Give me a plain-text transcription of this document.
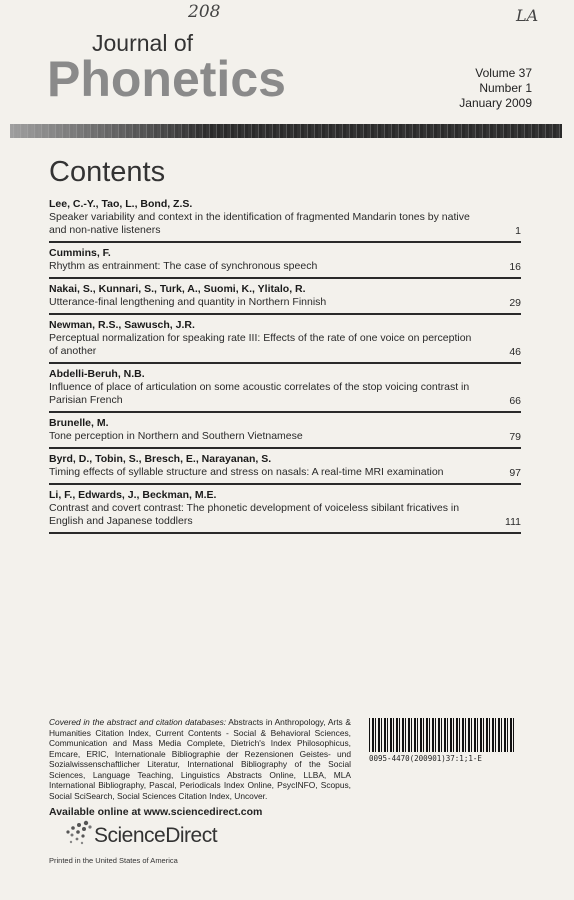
208	LA
Journal of
Phonetics	Volume 37
Number 1
January 2009
Contents
Lee, C.-Y., Tao, L., Bond, Z.S.
Speaker variability and context in the identification of fragmented Mandarin tones by native and non-native listeners	1
Cummins, F.
Rhythm as entrainment: The case of synchronous speech	16
Nakai, S., Kunnari, S., Turk, A., Suomi, K., Ylitalo, R.
Utterance-final lengthening and quantity in Northern Finnish	29
Newman, R.S., Sawusch, J.R.
Perceptual normalization for speaking rate III: Effects of the rate of one voice on perception of another	46
Abdelli-Beruh, N.B.
Influence of place of articulation on some acoustic correlates of the stop voicing contrast in Parisian French	66
Brunelle, M.
Tone perception in Northern and Southern Vietnamese	79
Byrd, D., Tobin, S., Bresch, E., Narayanan, S.
Timing effects of syllable structure and stress on nasals: A real-time MRI examination	97
Li, F., Edwards, J., Beckman, M.E.
Contrast and covert contrast: The phonetic development of voiceless sibilant fricatives in English and Japanese toddlers	111
Covered in the abstract and citation databases: Abstracts in Anthropology, Arts & Humanities Citation Index, Current Contents - Social & Behavioral Sciences, Communication and Mass Media Complete, Dietrich's Index Philosophicus, Emcare, ERIC, Internationale Bibliographie der Rezensionen Geistes- und Sozialwissenschaftlicher Literatur, International Bibliography of the Social Sciences, Language Teaching, Linguistics Abstracts Online, LLBA, MLA International Bibliography, Pascal, Periodicals Index Online, PsycINFO, Scopus, Social SciSearch, Social Sciences Citation Index, Uncover.
0095-4470(200901)37:1;1-E
Available online at www.sciencedirect.com
ScienceDirect
Printed in the United States of America
